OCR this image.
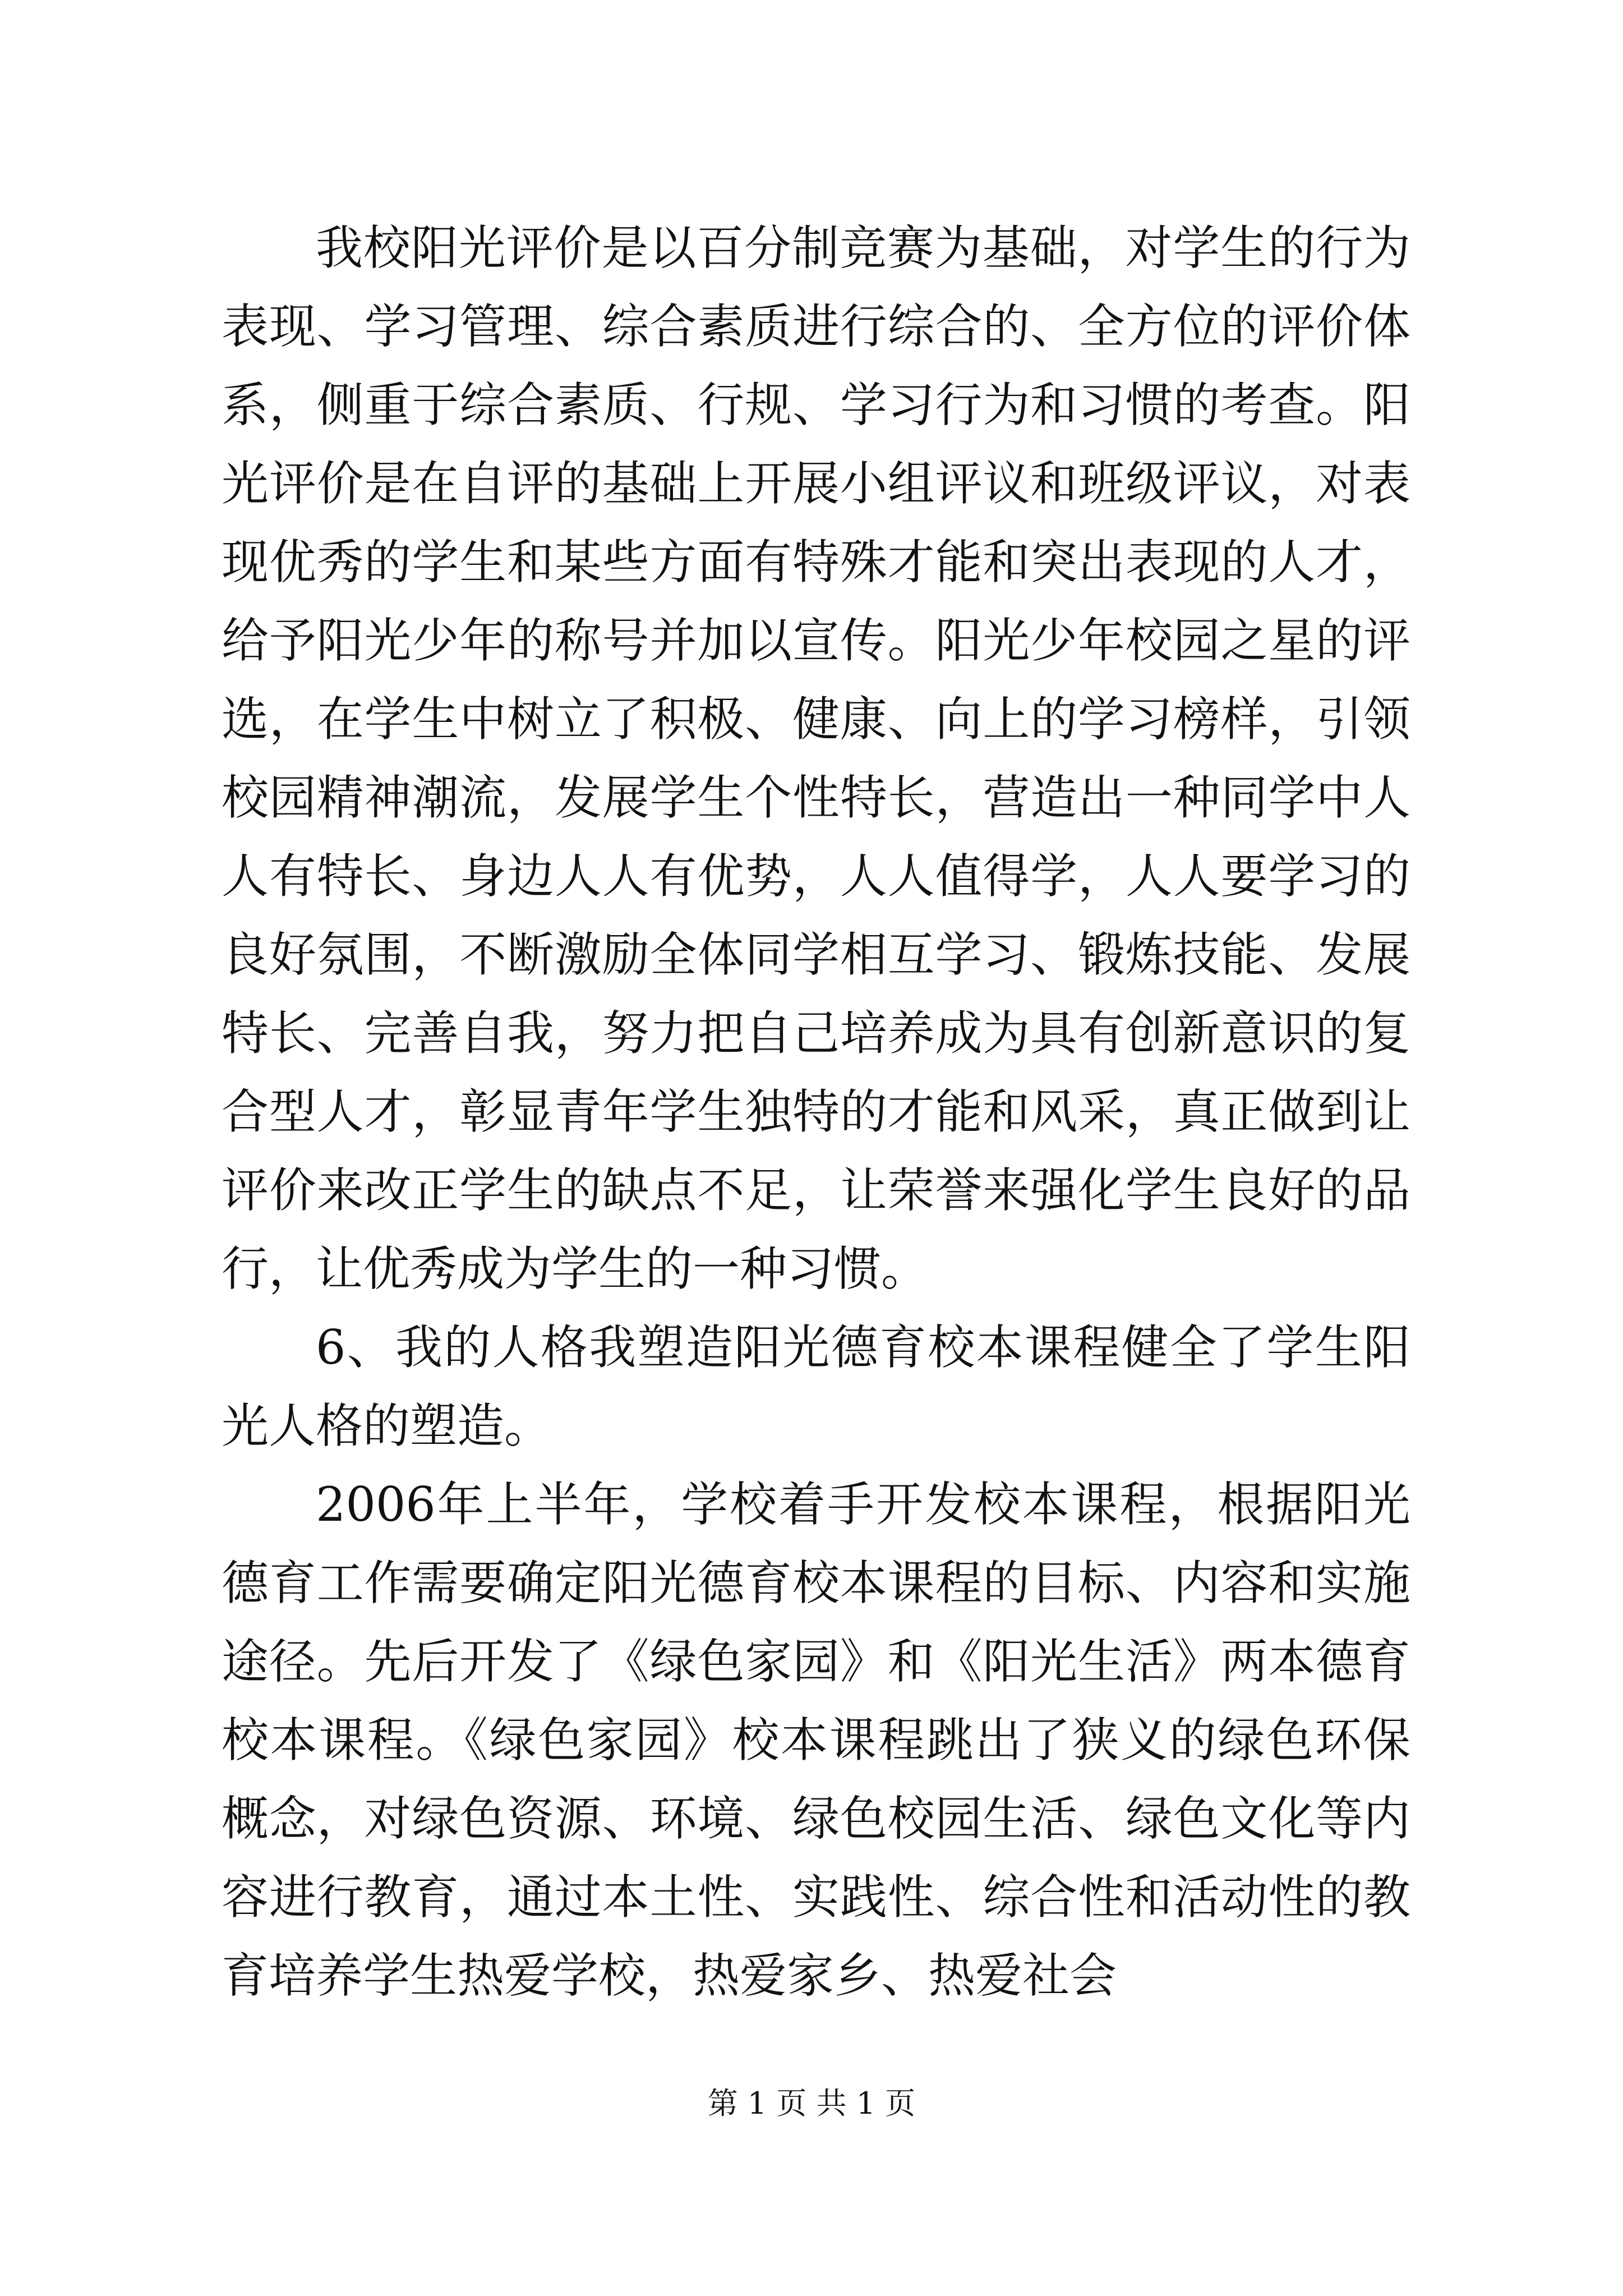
我校阳光评价是以百分制竞赛为基础，对学生的行为表现、学习管理、综合素质进行综合的、全方位的评价体系，侧重于综合素质、行规、学习行为和习惯的考查。阳光评价是在自评的基础上开展小组评议和班级评议，对表现优秀的学生和某些方面有特殊才能和突出表现的人才，给予阳光少年的称号并加以宣传。阳光少年校园之星的评选，在学生中树立了积极、健康、向上的学习榜样，引领校园精神潮流，发展学生个性特长，营造出一种同学中人人有特长、身边人人有优势，人人值得学，人人要学习的良好氛围，不断激励全体同学相互学习、锻炼技能、发展特长、完善自我，努力把自己培养成为具有创新意识的复合型人才，彰显青年学生独特的才能和风采，真正做到让评价来改正学生的缺点不足，让荣誉来强化学生良好的品行，让优秀成为学生的一种习惯。

6、我的人格我塑造阳光德育校本课程健全了学生阳光人格的塑造。

2006年上半年，学校着手开发校本课程，根据阳光德育工作需要确定阳光德育校本课程的目标、内容和实施途径。先后开发了《绿色家园》和《阳光生活》两本德育校本课程。《绿色家园》校本课程跳出了狭义的绿色环保概念，对绿色资源、环境、绿色校园生活、绿色文化等内容进行教育，通过本土性、实践性、综合性和活动性的教育培养学生热爱学校，热爱家乡、热爱社会

第 1 页 共 1 页
